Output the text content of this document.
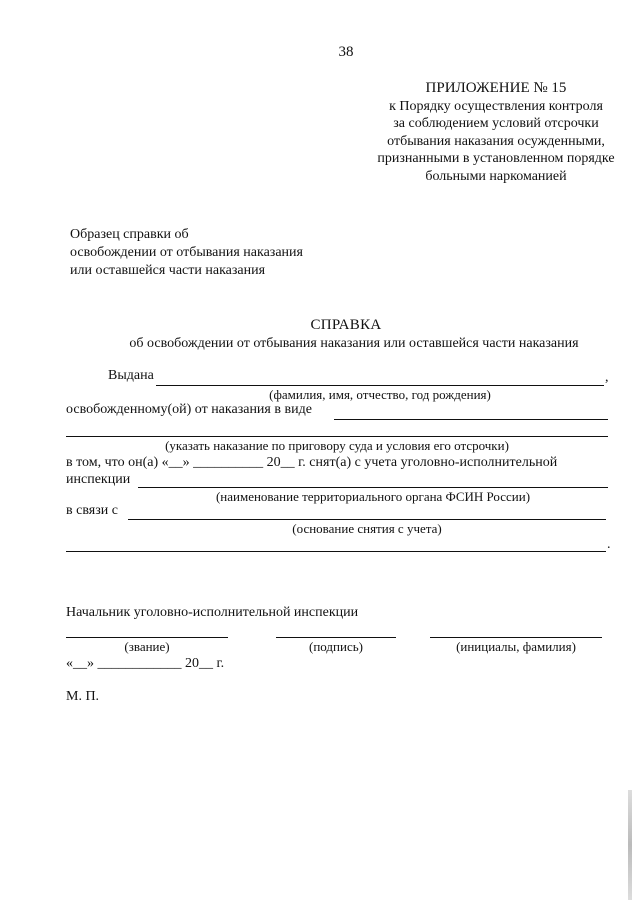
38
ПРИЛОЖЕНИЕ № 15
к Порядку осуществления контроля
за соблюдением условий отсрочки
отбывания наказания осужденными,
признанными в установленном порядке
больными наркоманией
Образец справки об
освобождении от отбывания наказания
или оставшейся части наказания
СПРАВКА
об освобождении от отбывания наказания или оставшейся части наказания
Выдана	,
(фамилия, имя, отчество, год рождения)
освобожденному(ой) от наказания в виде
(указать наказание по приговору суда и условия его отсрочки)
в том, что он(а) «__» __________ 20__ г. снят(а) с учета уголовно-исполнительной
инспекции
(наименование территориального органа ФСИН России)
в связи с
(основание снятия с учета)
.
Начальник уголовно-исполнительной инспекции
(звание)	(подпись)	(инициалы, фамилия)
«__» ____________ 20__ г.
М. П.
